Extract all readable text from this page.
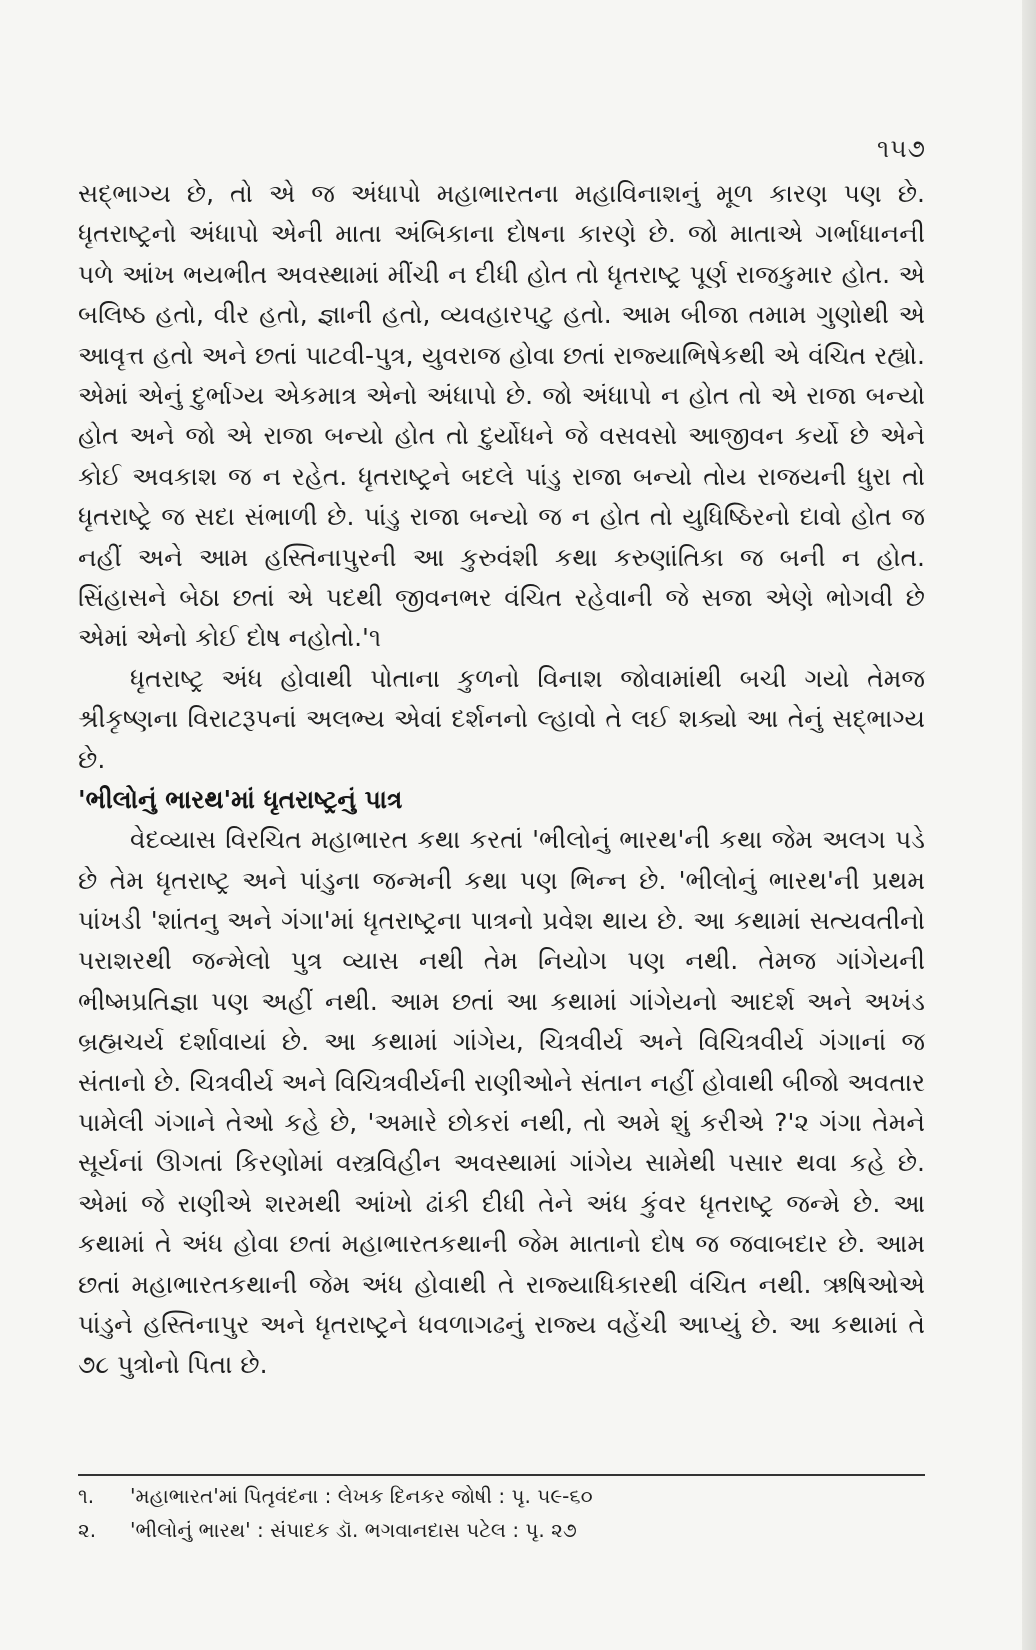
૧૫૭

સદ્ભાગ્ય છે, તો એ જ અંધાપો મહાભારતના મહાવિનાશનું મૂળ કારણ પણ છે. ધૃતરાષ્ટ્રનો અંધાપો એની માતા અંબિકાના દોષના કારણે છે. જો માતાએ ગર્ભાધાનની પળે આંખ ભયભીત અવસ્થામાં મીંચી ન દીધી હોત તો ધૃતરાષ્ટ્ર પૂર્ણ રાજકુમાર હોત. એ બલિષ્ઠ હતો, વીર હતો, જ્ઞાની હતો, વ્યવહારપટુ હતો. આમ બીજા તમામ ગુણોથી એ આવૃત્ત હતો અને છતાં પાટવી-પુત્ર, યુવરાજ હોવા છતાં રાજ્યાભિષેકથી એ વંચિત રહ્યો. એમાં એનું દુર્ભાગ્ય એકમાત્ર એનો અંધાપો છે. જો અંધાપો ન હોત તો એ રાજા બન્યો હોત અને જો એ રાજા બન્યો હોત તો દુર્યોધને જે વસવસો આજીવન કર્યો છે એને કોઈ અવકાશ જ ન રહેત. ધૃતરાષ્ટ્રને બદલે પાંડુ રાજા બન્યો તોય રાજયની ધુરા તો ધૃતરાષ્ટ્રે જ સદા સંભાળી છે. પાંડુ રાજા બન્યો જ ન હોત તો યુધિષ્ઠિરનો દાવો હોત જ નહીં અને આમ હસ્તિનાપુરની આ કુરુવંશી કથા કરુણાંતિકા જ બની ન હોત. સિંહાસને બેઠા છતાં એ પદથી જીવનભર વંચિત રહેવાની જે સજા એણે ભોગવી છે એમાં એનો કોઈ દોષ નહોતો.'૧

ધૃતરાષ્ટ્ર અંધ હોવાથી પોતાના કુળનો વિનાશ જોવામાંથી બચી ગયો તેમજ શ્રીકૃષ્ણના વિરાટરૂપનાં અલભ્ય એવાં દર્શનનો લ્હાવો તે લઈ શક્યો આ તેનું સદ્ભાગ્ય છે.

'ભીલોનું ભારથ'માં ધૃતરાષ્ટ્રનું પાત્ર

વેદવ્યાસ વિરચિત મહાભારત કથા કરતાં 'ભીલોનું ભારથ'ની કથા જેમ અલગ પડે છે તેમ ધૃતરાષ્ટ્ર અને પાંડુના જન્મની કથા પણ ભિન્ન છે. 'ભીલોનું ભારથ'ની પ્રથમ પાંખડી 'શાંતનુ અને ગંગા'માં ધૃતરાષ્ટ્રના પાત્રનો પ્રવેશ થાય છે. આ કથામાં સત્યવતીનો પરાશરથી જન્મેલો પુત્ર વ્યાસ નથી તેમ નિયોગ પણ નથી. તેમજ ગાંગેયની ભીષ્મપ્રતિજ્ઞા પણ અહીં નથી. આમ છતાં આ કથામાં ગાંગેયનો આદર્શ અને અખંડ બ્રહ્મચર્ય દર્શાવાયાં છે. આ કથામાં ગાંગેય, ચિત્રવીર્ય અને વિચિત્રવીર્ય ગંગાનાં જ સંતાનો છે. ચિત્રવીર્ય અને વિચિત્રવીર્યની રાણીઓને સંતાન નહીં હોવાથી બીજો અવતાર પામેલી ગંગાને તેઓ કહે છે, 'અમારે છોકરાં નથી, તો અમે શું કરીએ ?'૨ ગંગા તેમને સૂર્યનાં ઊગતાં કિરણોમાં વસ્ત્રવિહીન અવસ્થામાં ગાંગેય સામેથી પસાર થવા કહે છે. એમાં જે રાણીએ શરમથી આંખો ઢાંકી દીધી તેને અંધ કુંવર ધૃતરાષ્ટ્ર જન્મે છે. આ કથામાં તે અંધ હોવા છતાં મહાભારતકથાની જેમ માતાનો દોષ જ જવાબદાર છે. આમ છતાં મહાભારતકથાની જેમ અંધ હોવાથી તે રાજ્યાધિકારથી વંચિત નથી. ઋષિઓએ પાંડુને હસ્તિનાપુર અને ધૃતરાષ્ટ્રને ધવળાગઢનું રાજ્ય વહેંચી આપ્યું છે. આ કથામાં તે ૭૮ પુત્રોનો પિતા છે.

૧.	'મહાભારત'માં પિતૃવંદના : લેખક દિનકર જોષી : પૃ. ૫૯-૬૦
૨.	'ભીલોનું ભારથ' : સંપાદક ડૉ. ભગવાનદાસ પટેલ : પૃ. ૨૭
